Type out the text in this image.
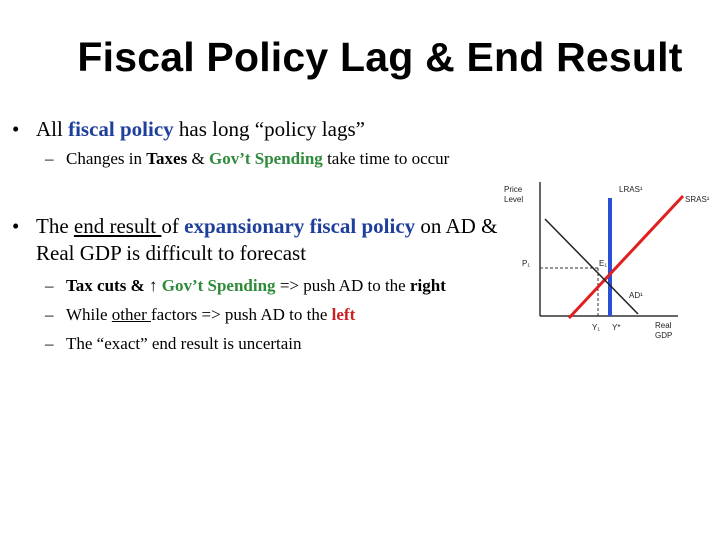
Fiscal Policy Lag & End Result
• All fiscal policy has long “policy lags”
– Changes in Taxes & Gov’t Spending take time to occur
• The end result of expansionary fiscal policy on AD & Real GDP is difficult to forecast
– Tax cuts & ↑ Gov’t Spending => push AD to the right
– While other factors => push AD to the left
– The “exact” end result is uncertain
Price
Level
Real
GDP
LRAS¹
SRAS¹
AD¹
P₁	E₁
Y₁ Y*
